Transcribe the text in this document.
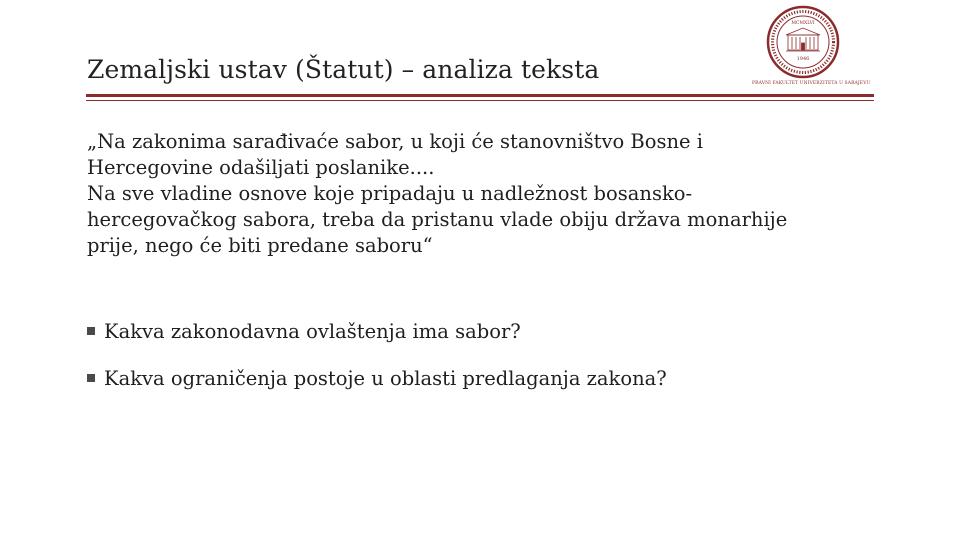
Zemaljski ustav (Štatut) – analiza teksta
MCMXLVI
1946
PRAVNI FAKULTET UNIVERZITETA U SARAJEVU

„Na zakonima sarađivaće sabor, u koji će stanovništvo Bosne i

Hercegovine odašiljati poslanike....

Na sve vladine osnove koje pripadaju u nadležnost bosansko-

hercegovačkog sabora, treba da pristanu vlade obiju država monarhije

prije, nego će biti predane saboru“

Kakva zakonodavna ovlaštenja ima sabor?
Kakva ograničenja postoje u oblasti predlaganja zakona?
